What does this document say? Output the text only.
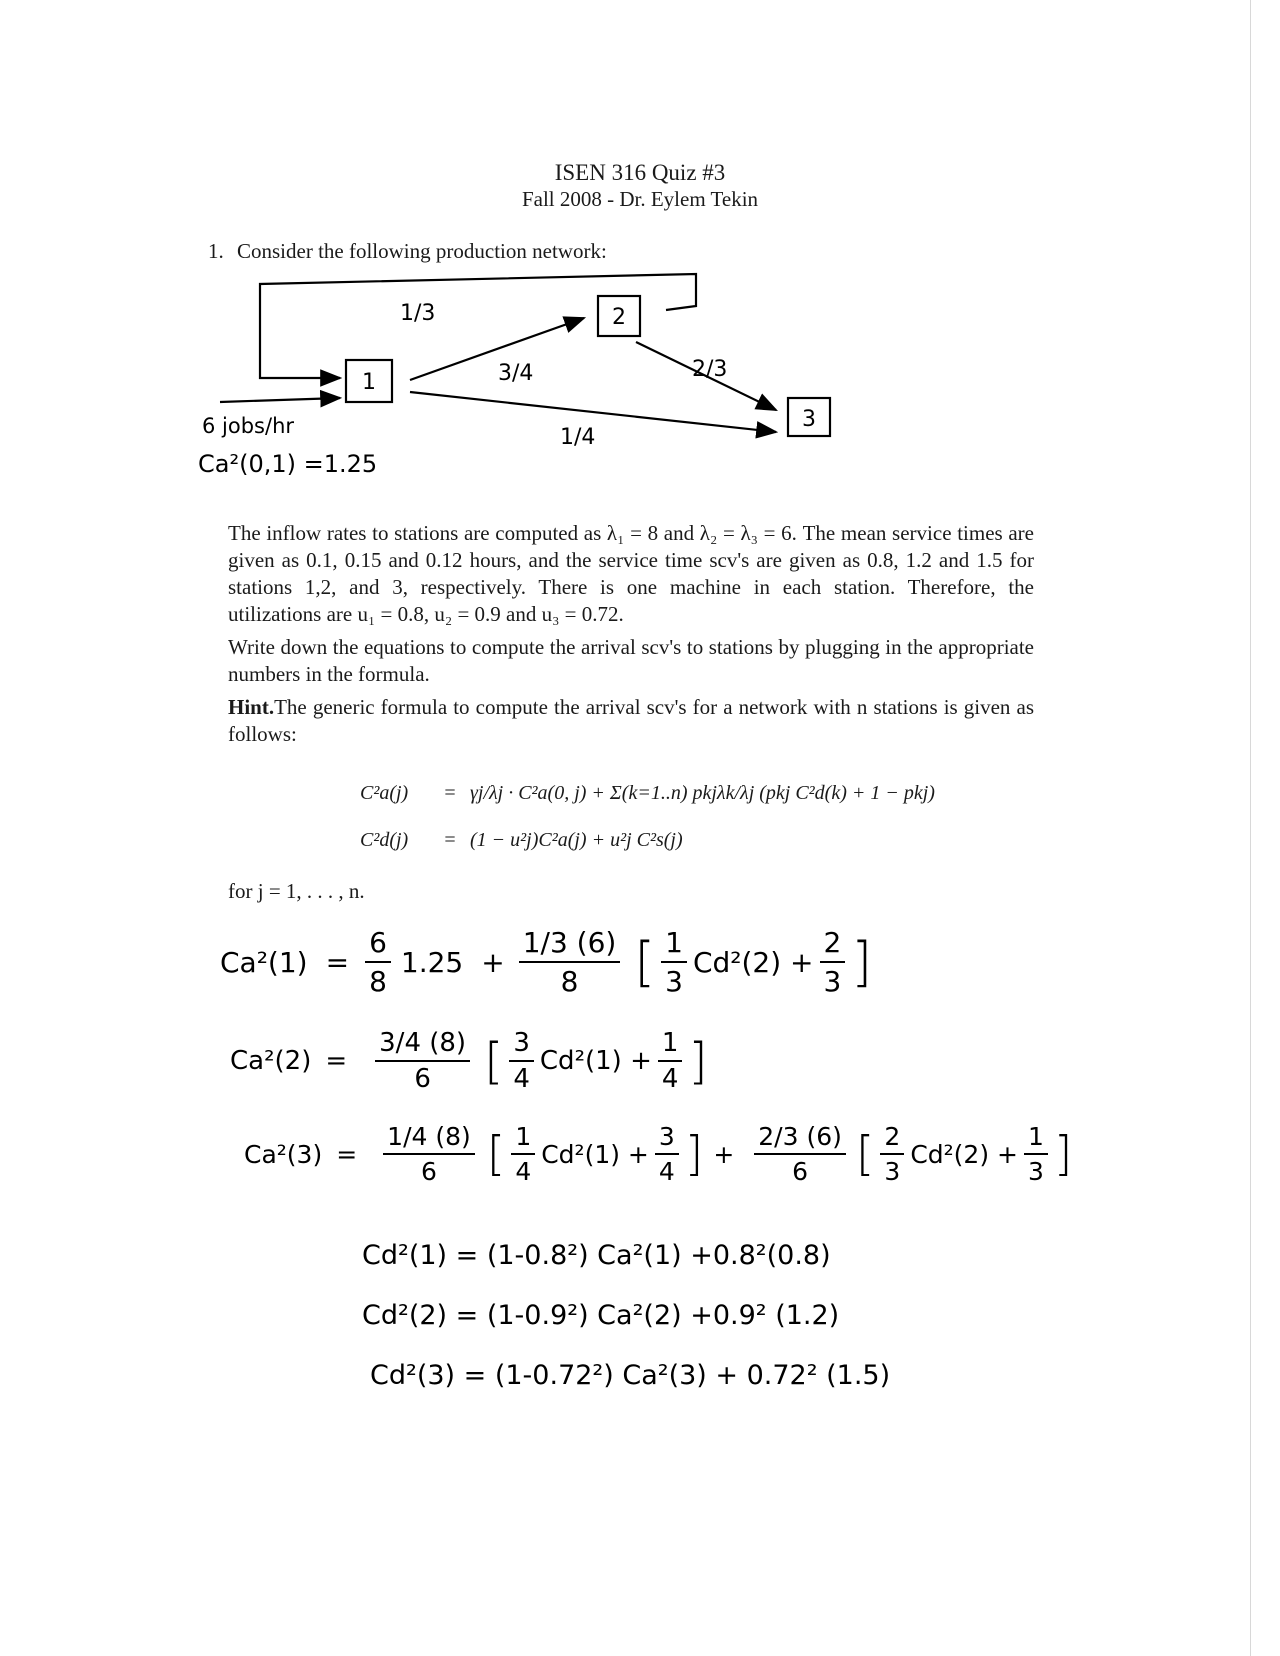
ISEN 316 Quiz #3
Fall 2008 - Dr. Eylem Tekin
1. Consider the following production network:
1
2
3
1/3
3/4	2/3
1/4
6 jobs/hr
Ca²(0,1) =1.25
The inflow rates to stations are computed as λ₁ = 8 and λ₂ = λ₃ = 6. The mean service times are given as 0.1, 0.15 and 0.12 hours, and the service time scv's are given as 0.8, 1.2 and 1.5 for stations 1,2, and 3, respectively. There is one machine in each station. Therefore, the utilizations are u₁ = 0.8, u₂ = 0.9 and u₃ = 0.72.
Write down the equations to compute the arrival scv's to stations by plugging in the appropriate numbers in the formula.
Hint.The generic formula to compute the arrival scv's for a network with n stations is given as follows:
C²a(j)	= γj/λj · C²a(0, j) + Σ(k=1..n) pkjλk/λj (pkj C²d(k) + 1 − pkj)
C²d(j)	= (1 − u²j)C²a(j) + u²j C²s(j)
for j = 1, . . . , n.
$Ca^2(1) = \frac{6}{8} 1.25 + \frac{1/3 (6)}{8}$ [ $\frac{1}{3} Cd^2(2) + \frac{2}{3}$ ]
$Ca^2(2) = \frac{3/4 (8)}{6}$ [ $\frac{3}{4} Cd^2(1) + \frac{1}{4}$ ]
$Ca^2(3) = \frac{1/4 (8)}{6}$ [ $\frac{1}{4} Cd^2(1) + \frac{3}{4}$ ] + $\frac{2/3 (6)}{6}$ [ $\frac{2}{3} Cd^2(2) + \frac{1}{3}$ ]
Cd²(1) = (1-0.8²) Ca²(1) +0.8²(0.8)
Cd²(2) = (1-0.9²) Ca²(2) +0.9² (1.2)
Cd²(3) = (1-0.72²) Ca²(3) + 0.72² (1.5)
